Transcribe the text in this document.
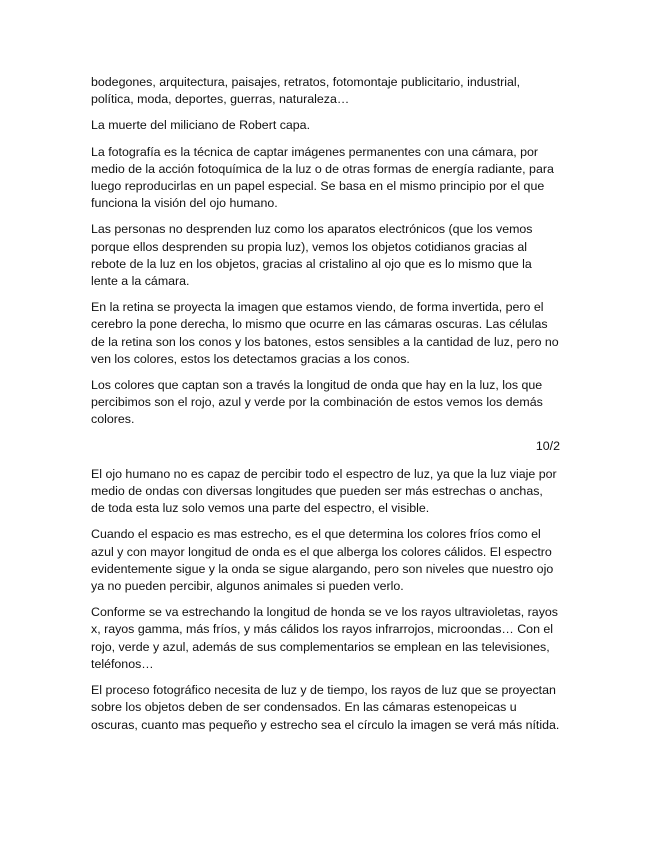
bodegones, arquitectura, paisajes, retratos, fotomontaje publicitario, industrial, política, moda, deportes, guerras, naturaleza…

La muerte del miliciano de Robert capa.

La fotografía es la técnica de captar imágenes permanentes con una cámara, por medio de la acción fotoquímica de la luz o de otras formas de energía radiante, para luego reproducirlas en un papel especial. Se basa en el mismo principio por el que funciona la visión del ojo humano.

Las personas no desprenden luz como los aparatos electrónicos (que los vemos porque ellos desprenden su propia luz), vemos los objetos cotidianos gracias al rebote de la luz en los objetos, gracias al cristalino al ojo que es lo mismo que la lente a la cámara.

En la retina se proyecta la imagen que estamos viendo, de forma invertida, pero el cerebro la pone derecha, lo mismo que ocurre en las cámaras oscuras. Las células de la retina son los conos y los batones, estos sensibles a la cantidad de luz, pero no ven los colores, estos los detectamos gracias a los conos.

Los colores que captan son a través la longitud de onda que hay en la luz, los que percibimos son el rojo, azul y verde por la combinación de estos vemos los demás colores.

10/2

El ojo humano no es capaz de percibir todo el espectro de luz, ya que la luz viaje por medio de ondas con diversas longitudes que pueden ser más estrechas o anchas, de toda esta luz solo vemos una parte del espectro, el visible.

Cuando el espacio es mas estrecho, es el que determina los colores fríos como el azul y con mayor longitud de onda es el que alberga los colores cálidos. El espectro evidentemente sigue y la onda se sigue alargando, pero son niveles que nuestro ojo ya no pueden percibir, algunos animales si pueden verlo.

Conforme se va estrechando la longitud de honda se ve los rayos ultravioletas, rayos x, rayos gamma, más fríos, y más cálidos los rayos infrarrojos, microondas… Con el rojo, verde y azul, además de sus complementarios se emplean en las televisiones, teléfonos…

El proceso fotográfico necesita de luz y de tiempo, los rayos de luz que se proyectan sobre los objetos deben de ser condensados. En las cámaras estenopeicas u oscuras, cuanto mas pequeño y estrecho sea el círculo la imagen se verá más nítida.
